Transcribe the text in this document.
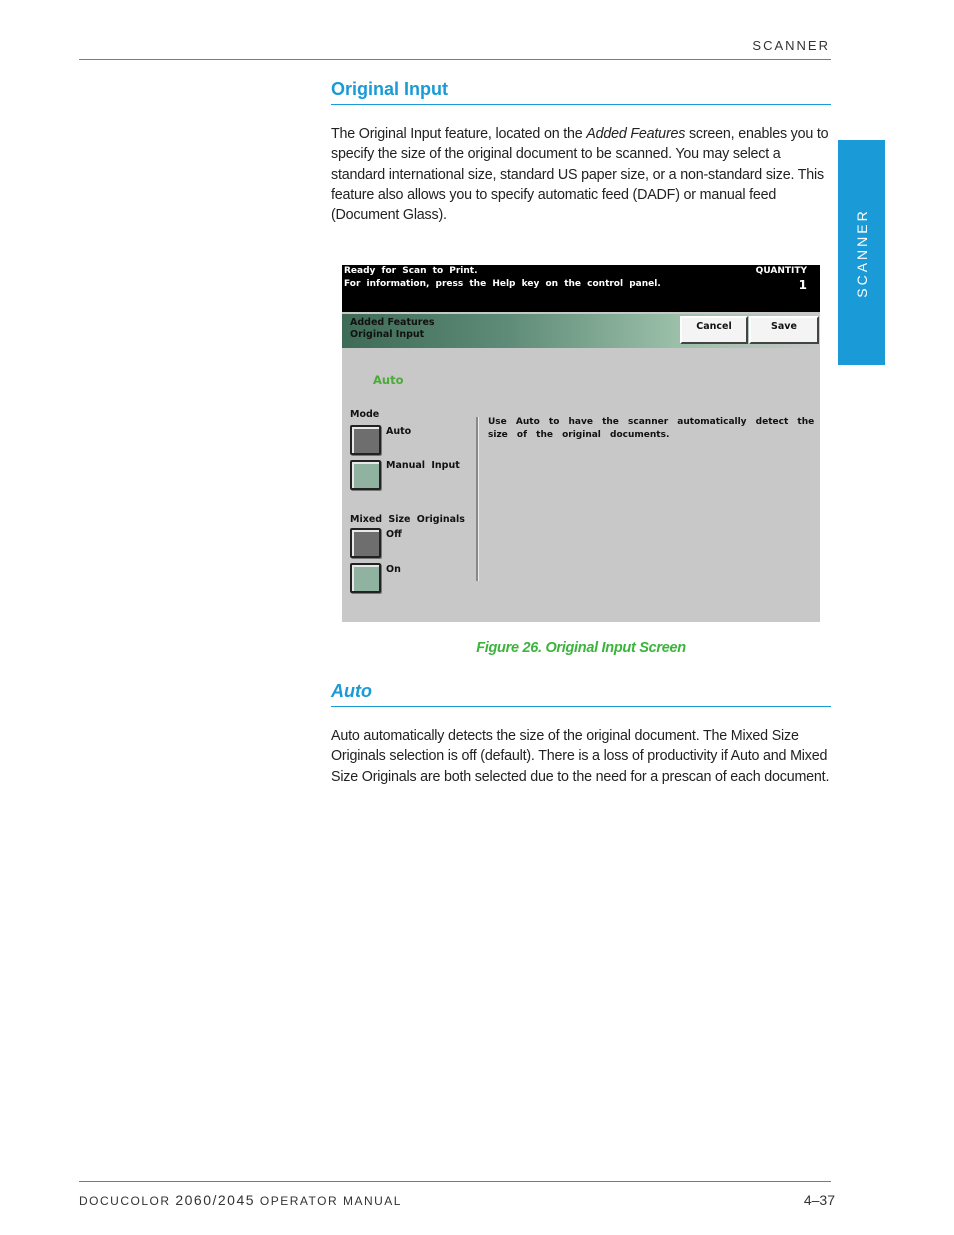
SCANNER
SCANNER
Original Input
The Original Input feature, located on the Added Features screen, enables you to specify the size of the original document to be scanned. You may select a standard international size, standard US paper size, or a non-standard size. This feature also allows you to specify automatic feed (DADF) or manual feed (Document Glass).
Ready for Scan to Print.
For information, press the Help key on the control panel.
QUANTITY
1
Added Features
Original Input
Cancel	Save
Auto
Mode
Auto
Manual Input
Mixed Size Originals
Off
On
Use Auto to have the scanner automatically detect the
size of the original documents.
Figure 26. Original Input Screen
Auto
Auto automatically detects the size of the original document. The Mixed Size Originals selection is off (default). There is a loss of productivity if Auto and Mixed Size Originals are both selected due to the need for a prescan of each document.
DOCUCOLOR 2060/2045 OPERATOR MANUAL	4–37
